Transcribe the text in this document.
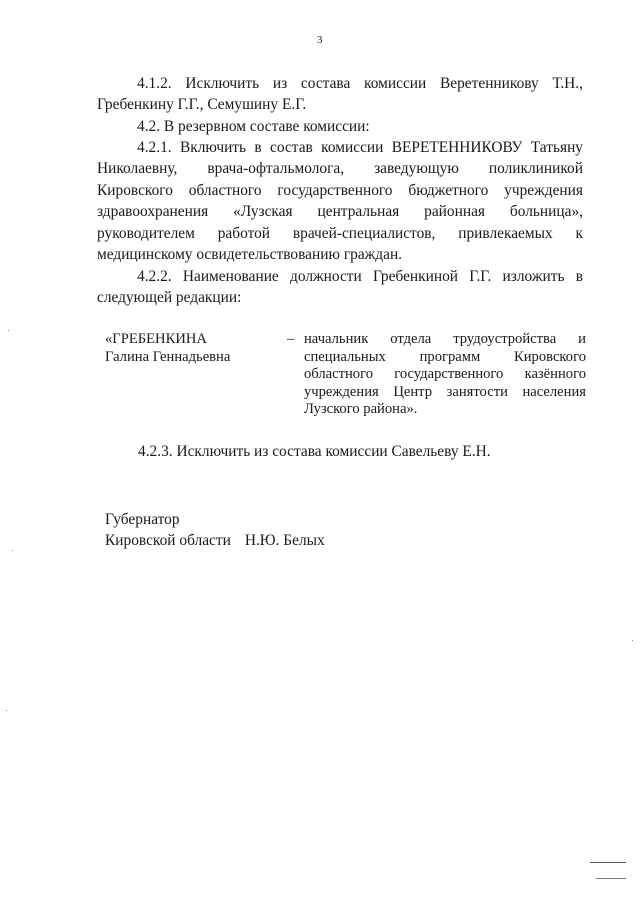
3

4.1.2. Исключить из состава комиссии Веретенникову Т.Н., Гребенкину Г.Г., Семушину Е.Г.

4.2. В резервном составе комиссии:

4.2.1. Включить в состав комиссии ВЕРЕТЕННИКОВУ Татьяну Николаевну, врача-офтальмолога, заведующую поликлиникой Кировского областного государственного бюджетного учреждения здравоохранения «Лузская центральная районная больница», руководителем работой врачей-специалистов, привлекаемых к медицинскому освидетельствованию граждан.

4.2.2. Наименование должности Гребенкиной Г.Г. изложить в следующей редакции:

«ГРЕБЕНКИНА
Галина Геннадьевна
– начальник отдела трудоустройства и специальных программ Кировского областного государственного казённого учреждения Центр занятости населения Лузского района».

4.2.3. Исключить из состава комиссии Савельеву Е.Н.

Губернатор
Кировской области Н.Ю. Белых
